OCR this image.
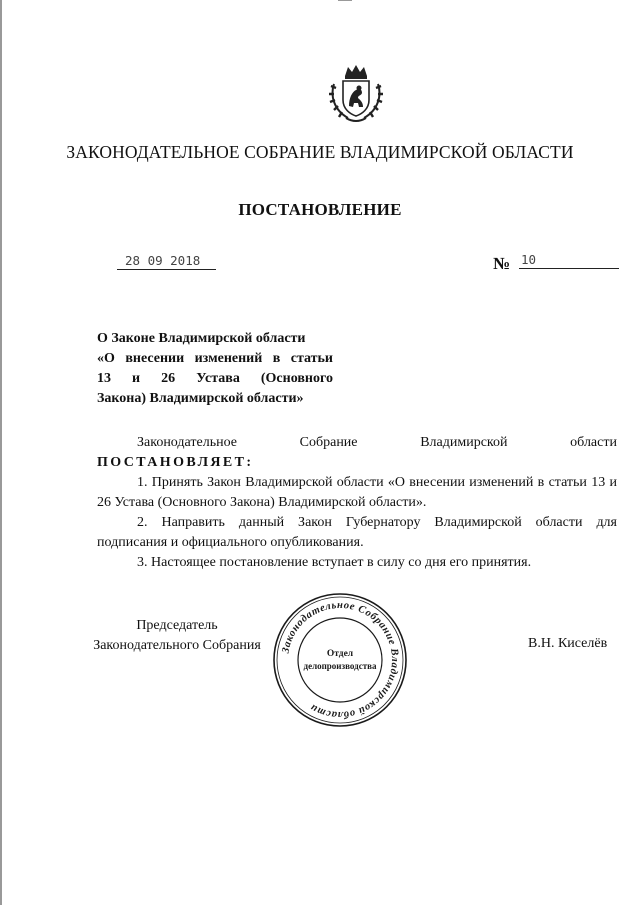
ЗАКОНОДАТЕЛЬНОЕ СОБРАНИЕ ВЛАДИМИРСКОЙ ОБЛАСТИ
ПОСТАНОВЛЕНИЕ
28 09 2018	№ 10
О Законе Владимирской области
«О внесении изменений в статьи
13 и 26 Устава (Основного
Закона) Владимирской области»
Законодательное	Собрание	Владимирской	области
ПОСТАНОВЛЯЕТ:
1. Принять Закон Владимирской области «О внесении изменений в статьи 13 и 26 Устава (Основного Закона) Владимирской области».
2. Направить данный Закон Губернатору Владимирской области для подписания и официального опубликования.
3. Настоящее постановление вступает в силу со дня его принятия.
Председатель
Законодательного Собрания	Законодательное Собрание Владимирской области
Отдел
делопроизводства
В.Н. Киселёв
